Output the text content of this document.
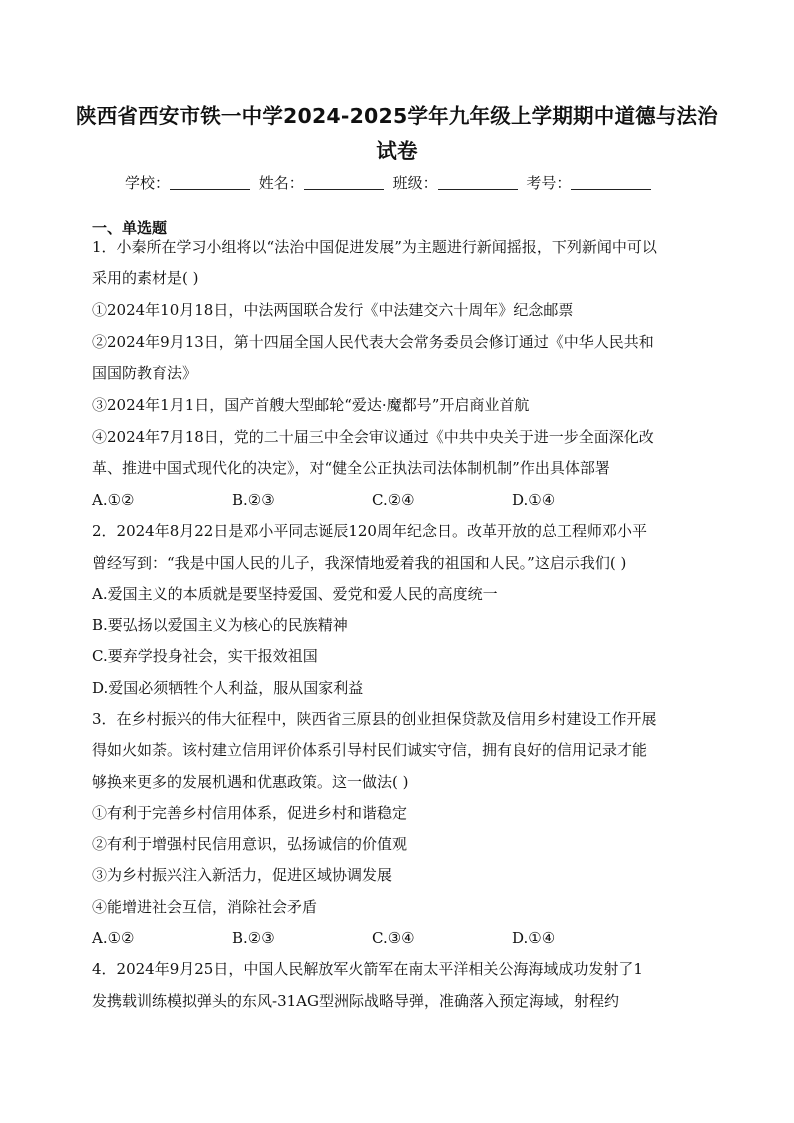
陕西省西安市铁一中学2024-2025学年九年级上学期期中道德与法治
试卷
学校：	姓名：	班级：	考号：
一、单选题
1．小秦所在学习小组将以“法治中国促进发展”为主题进行新闻摇报，下列新闻中可以
采用的素材是( )
①2024年10月18日，中法两国联合发行《中法建交六十周年》纪念邮票
②2024年9月13日，第十四届全国人民代表大会常务委员会修订通过《中华人民共和
国国防教育法》
③2024年1月1日，国产首艘大型邮轮“爱达·魔都号”开启商业首航
④2024年7月18日，党的二十届三中全会审议通过《中共中央关于进一步全面深化改
革、推进中国式现代化的决定》，对“健全公正执法司法体制机制”作出具体部署
A.①②	B.②③	C.②④	D.①④
2．2024年8月22日是邓小平同志诞辰120周年纪念日。改革开放的总工程师邓小平
曾经写到：“我是中国人民的儿子，我深情地爱着我的祖国和人民。”这启示我们( )
A.爱国主义的本质就是要坚持爱国、爱党和爱人民的高度统一
B.要弘扬以爱国主义为核心的民族精神
C.要弃学投身社会，实干报效祖国
D.爱国必须牺牲个人利益，服从国家利益
3．在乡村振兴的伟大征程中，陕西省三原县的创业担保贷款及信用乡村建设工作开展
得如火如荼。该村建立信用评价体系引导村民们诚实守信，拥有良好的信用记录才能
够换来更多的发展机遇和优惠政策。这一做法( )
①有利于完善乡村信用体系，促进乡村和谐稳定
②有利于增强村民信用意识，弘扬诚信的价值观
③为乡村振兴注入新活力，促进区域协调发展
④能增进社会互信，消除社会矛盾
A.①②	B.②③	C.③④	D.①④
4．2024年9月25日，中国人民解放军火箭军在南太平洋相关公海海域成功发射了1
发携载训练模拟弹头的东风-31AG型洲际战略导弹，准确落入预定海域，射程约
